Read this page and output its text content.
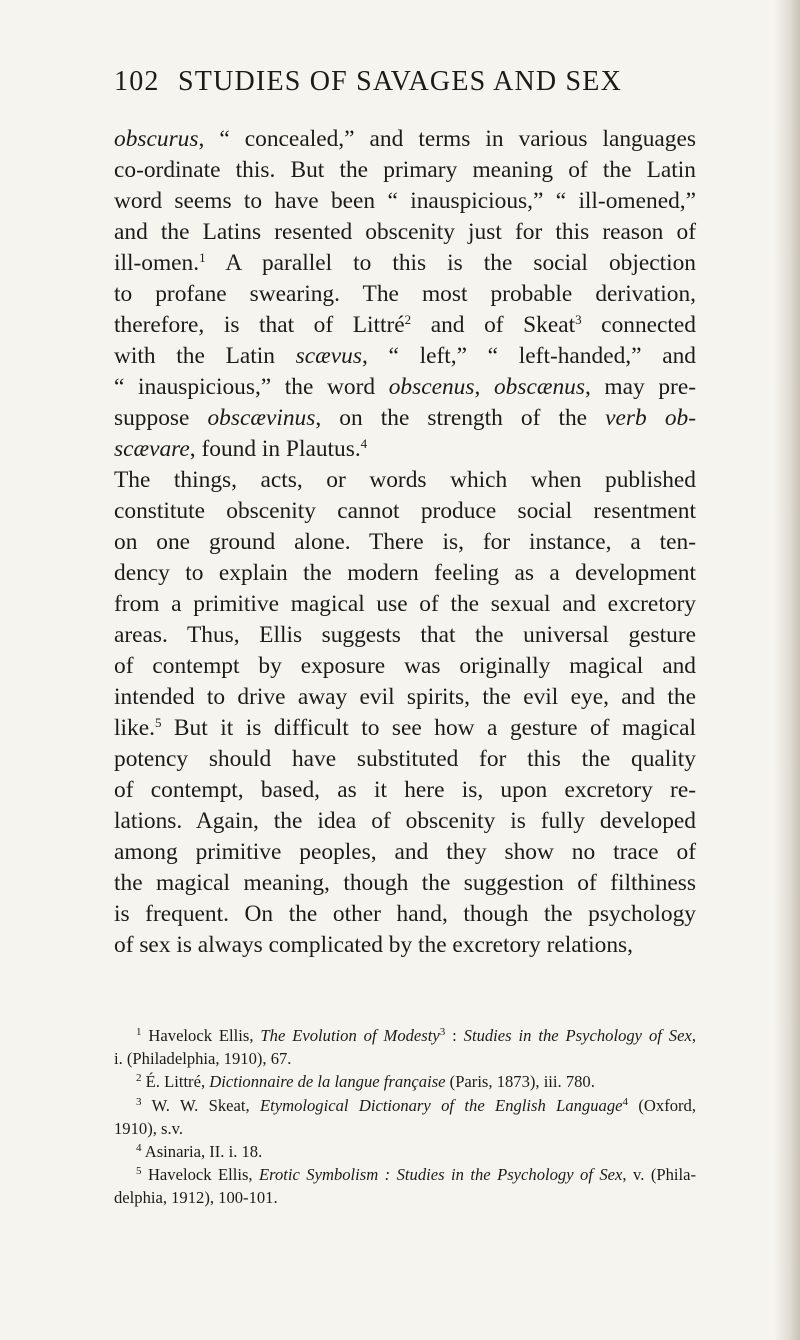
102 STUDIES OF SAVAGES AND SEX
obscurus, “ concealed,” and terms in various languages
co-ordinate this. But the primary meaning of the Latin
word seems to have been “ inauspicious,” “ ill-omened,”
and the Latins resented obscenity just for this reason of
ill-omen.$^1$ A parallel to this is the social objection
to profane swearing. The most probable derivation,
therefore, is that of Littré$^2$ and of Skeat$^3$ connected
with the Latin scævus, “ left,” “ left-handed,” and
“ inauspicious,” the word obscenus, obscænus, may pre-
suppose obscævinus, on the strength of the verb ob-
scævare, found in Plautus.$^4$
The things, acts, or words which when published
constitute obscenity cannot produce social resentment
on one ground alone. There is, for instance, a ten-
dency to explain the modern feeling as a development
from a primitive magical use of the sexual and excretory
areas. Thus, Ellis suggests that the universal gesture
of contempt by exposure was originally magical and
intended to drive away evil spirits, the evil eye, and the
like.$^5$ But it is difficult to see how a gesture of magical
potency should have substituted for this the quality
of contempt, based, as it here is, upon excretory re-
lations. Again, the idea of obscenity is fully developed
among primitive peoples, and they show no trace of
the magical meaning, though the suggestion of filthiness
is frequent. On the other hand, though the psychology
of sex is always complicated by the excretory relations,
$^1$ Havelock Ellis, The Evolution of Modesty$^3$ : Studies in the Psychology of Sex,
i. (Philadelphia, 1910), 67.
$^2$ É. Littré, Dictionnaire de la langue française (Paris, 1873), iii. 780.
$^3$ W. W. Skeat, Etymological Dictionary of the English Language$^4$ (Oxford,
1910), s.v.
$^4$ Asinaria, II. i. 18.
$^5$ Havelock Ellis, Erotic Symbolism : Studies in the Psychology of Sex, v. (Phila-
delphia, 1912), 100-101.
